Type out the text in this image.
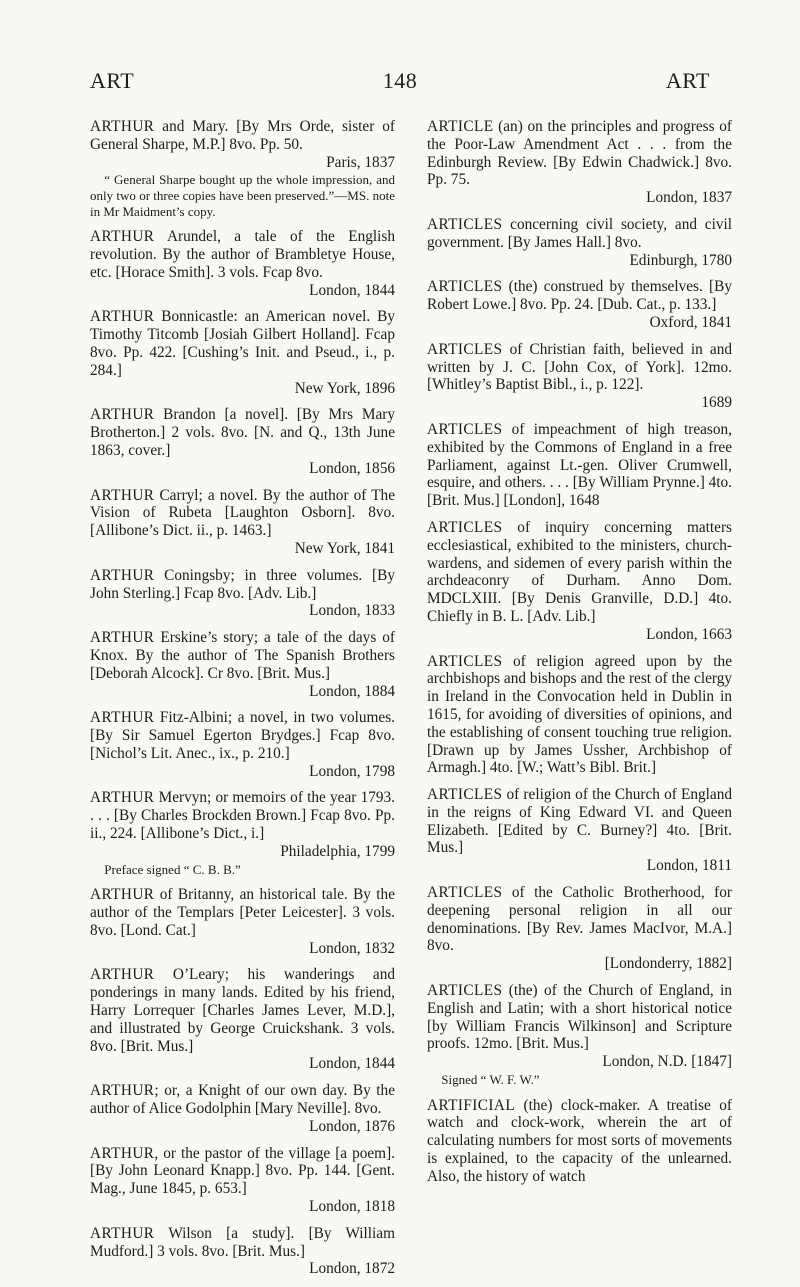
ART	148	ART
ARTHUR and Mary. [By Mrs Orde, sister of General Sharpe, M.P.] 8vo. Pp. 50.
Paris, 1837
“ General Sharpe bought up the whole impression, and only two or three copies have been preserved.”—MS. note in Mr Maidment’s copy.
ARTHUR Arundel, a tale of the English revolution. By the author of Brambletye House, etc. [Horace Smith]. 3 vols. Fcap 8vo.
London, 1844
ARTHUR Bonnicastle: an American novel. By Timothy Titcomb [Josiah Gilbert Holland]. Fcap 8vo. Pp. 422. [Cushing’s Init. and Pseud., i., p. 284.]
New York, 1896
ARTHUR Brandon [a novel]. [By Mrs Mary Brotherton.] 2 vols. 8vo. [N. and Q., 13th June 1863, cover.]
London, 1856
ARTHUR Carryl; a novel. By the author of The Vision of Rubeta [Laughton Osborn]. 8vo. [Allibone’s Dict. ii., p. 1463.]
New York, 1841
ARTHUR Coningsby; in three volumes. [By John Sterling.] Fcap 8vo. [Adv. Lib.]
London, 1833
ARTHUR Erskine’s story; a tale of the days of Knox. By the author of The Spanish Brothers [Deborah Alcock]. Cr 8vo. [Brit. Mus.]
London, 1884
ARTHUR Fitz-Albini; a novel, in two volumes. [By Sir Samuel Egerton Brydges.] Fcap 8vo. [Nichol’s Lit. Anec., ix., p. 210.]
London, 1798
ARTHUR Mervyn; or memoirs of the year 1793. . . . [By Charles Brockden Brown.] Fcap 8vo. Pp. ii., 224. [Allibone’s Dict., i.]
Philadelphia, 1799
Preface signed “ C. B. B.”
ARTHUR of Britanny, an historical tale. By the author of the Templars [Peter Leicester]. 3 vols. 8vo. [Lond. Cat.]
London, 1832
ARTHUR O’Leary; his wanderings and ponderings in many lands. Edited by his friend, Harry Lorrequer [Charles James Lever, M.D.], and illustrated by George Cruickshank. 3 vols. 8vo. [Brit. Mus.]
London, 1844
ARTHUR; or, a Knight of our own day. By the author of Alice Godolphin [Mary Neville]. 8vo.
London, 1876
ARTHUR, or the pastor of the village [a poem]. [By John Leonard Knapp.] 8vo. Pp. 144. [Gent. Mag., June 1845, p. 653.]
London, 1818
ARTHUR Wilson [a study]. [By William Mudford.] 3 vols. 8vo. [Brit. Mus.]
London, 1872
ARTICLE (an) on the principles and progress of the Poor-Law Amendment Act . . . from the Edinburgh Review. [By Edwin Chadwick.] 8vo. Pp. 75.
London, 1837
ARTICLES concerning civil society, and civil government. [By James Hall.] 8vo.
Edinburgh, 1780
ARTICLES (the) construed by themselves. [By Robert Lowe.] 8vo. Pp. 24. [Dub. Cat., p. 133.]
Oxford, 1841
ARTICLES of Christian faith, believed in and written by J. C. [John Cox, of York]. 12mo. [Whitley’s Baptist Bibl., i., p. 122].
1689
ARTICLES of impeachment of high treason, exhibited by the Commons of England in a free Parliament, against Lt.-gen. Oliver Crumwell, esquire, and others. . . . [By William Prynne.] 4to. [Brit. Mus.] [London], 1648
ARTICLES of inquiry concerning matters ecclesiastical, exhibited to the ministers, church-wardens, and sidemen of every parish within the archdeaconry of Durham. Anno Dom. MDCLXIII. [By Denis Granville, D.D.] 4to. Chiefly in B. L. [Adv. Lib.]
London, 1663
ARTICLES of religion agreed upon by the archbishops and bishops and the rest of the clergy in Ireland in the Convocation held in Dublin in 1615, for avoiding of diversities of opinions, and the establishing of consent touching true religion. [Drawn up by James Ussher, Archbishop of Armagh.] 4to. [W.; Watt’s Bibl. Brit.]
ARTICLES of religion of the Church of England in the reigns of King Edward VI. and Queen Elizabeth. [Edited by C. Burney?] 4to. [Brit. Mus.]
London, 1811
ARTICLES of the Catholic Brotherhood, for deepening personal religion in all our denominations. [By Rev. James MacIvor, M.A.] 8vo.
[Londonderry, 1882]
ARTICLES (the) of the Church of England, in English and Latin; with a short historical notice [by William Francis Wilkinson] and Scripture proofs. 12mo. [Brit. Mus.]
London, N.D. [1847]
Signed “ W. F. W.”
ARTIFICIAL (the) clock-maker. A treatise of watch and clock-work, wherein the art of calculating numbers for most sorts of movements is explained, to the capacity of the unlearned. Also, the history of watch
